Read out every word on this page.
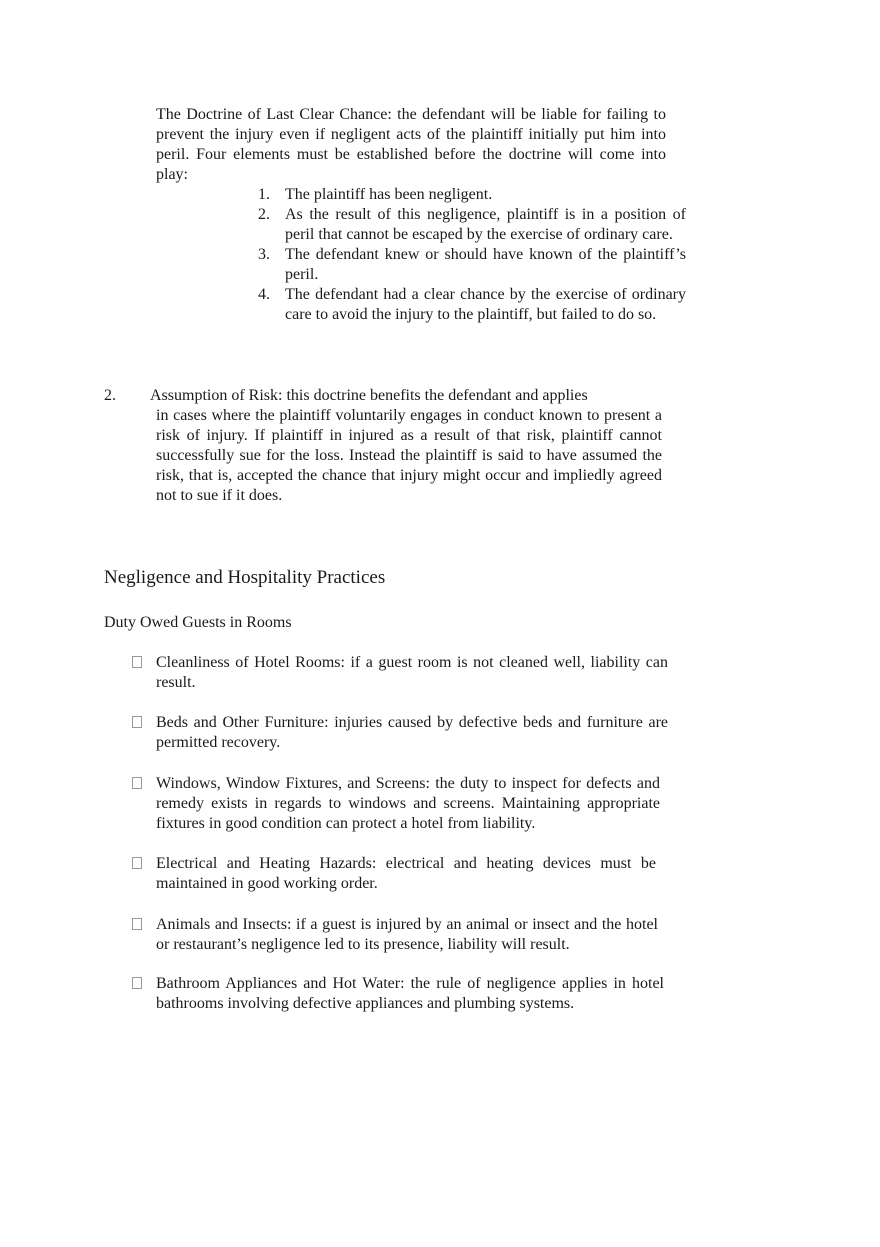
The Doctrine of Last Clear Chance: the defendant will be liable for failing to prevent the injury even if negligent acts of the plaintiff initially put him into peril. Four elements must be established before the doctrine will come into play:

1. The plaintiff has been negligent.
2. As the result of this negligence, plaintiff is in a position of peril that cannot be escaped by the exercise of ordinary care.
3. The defendant knew or should have known of the plaintiff’s peril.
4. The defendant had a clear chance by the exercise of ordinary care to avoid the injury to the plaintiff, but failed to do so.
2. Assumption of Risk: this doctrine benefits the defendant and applies

in cases where the plaintiff voluntarily engages in conduct known to present a risk of injury. If plaintiff in injured as a result of that risk, plaintiff cannot successfully sue for the loss. Instead the plaintiff is said to have assumed the risk, that is, accepted the chance that injury might occur and impliedly agreed not to sue if it does.

Negligence and Hospitality Practices
Duty Owed Guests in Rooms
Cleanliness of Hotel Rooms: if a guest room is not cleaned well, liability can result.
Beds and Other Furniture: injuries caused by defective beds and furniture are permitted recovery.
Windows, Window Fixtures, and Screens: the duty to inspect for defects and remedy exists in regards to windows and screens. Maintaining appropriate fixtures in good condition can protect a hotel from liability.
Electrical and Heating Hazards: electrical and heating devices must be maintained in good working order.
Animals and Insects: if a guest is injured by an animal or insect and the hotel or restaurant’s negligence led to its presence, liability will result.
Bathroom Appliances and Hot Water: the rule of negligence applies in hotel bathrooms involving defective appliances and plumbing systems.
